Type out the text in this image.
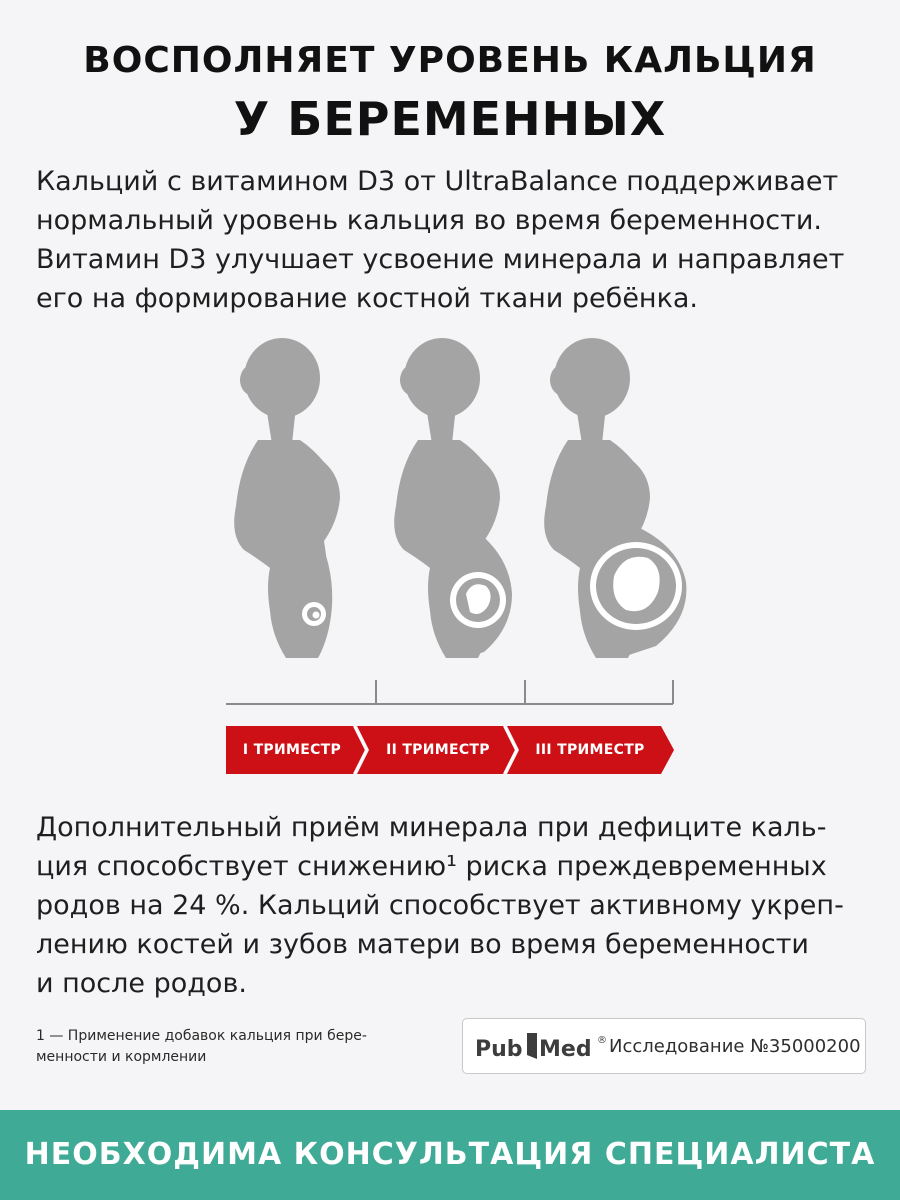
ВОСПОЛНЯЕТ УРОВЕНЬ КАЛЬЦИЯ
У БЕРЕМЕННЫХ
Кальций с витамином D3 от UltraBalance поддерживает
нормальный уровень кальция во время беременности.
Витамин D3 улучшает усвоение минерала и направляет
его на формирование костной ткани ребёнка.
I ТРИМЕСТР	II ТРИМЕСТР	III ТРИМЕСТР
Дополнительный приём минерала при дефиците каль-
ция способствует снижению¹ риска преждевременных
родов на 24 %. Кальций способствует активному укреп-
лению костей и зубов матери во время беременности
и после родов.
1 — Применение добавок кальция при бере-
менности и кормлении	Pub Med ® Исследование №35000200
НЕОБХОДИМА КОНСУЛЬТАЦИЯ СПЕЦИАЛИСТА
